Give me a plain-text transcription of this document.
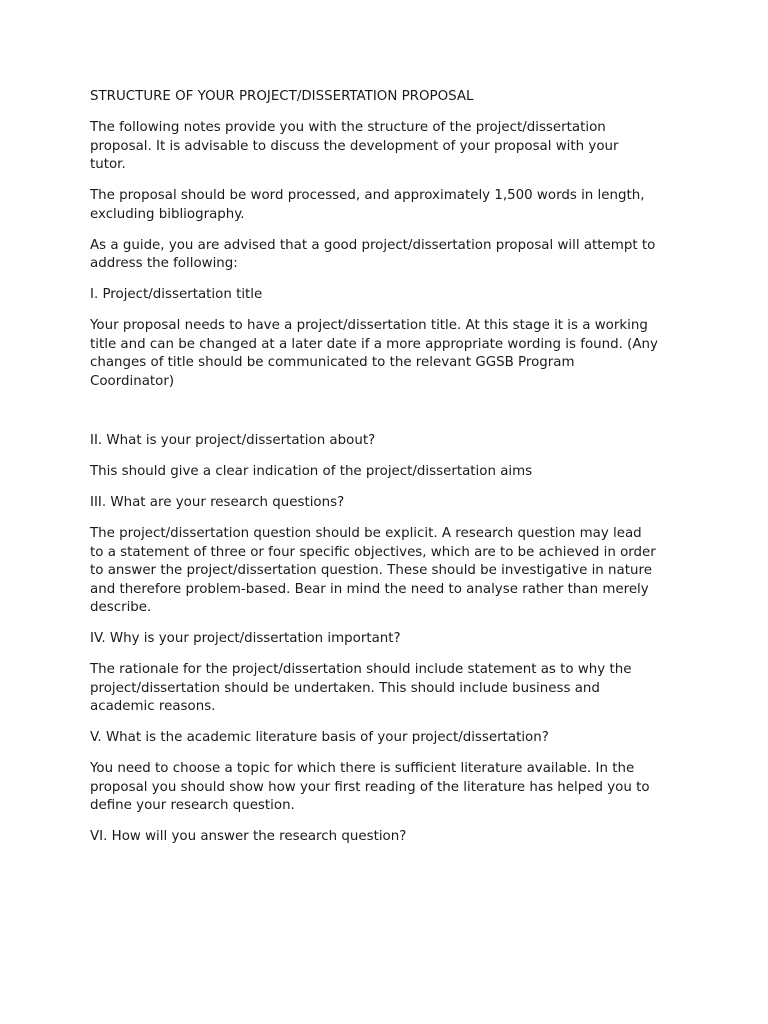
STRUCTURE OF YOUR PROJECT/DISSERTATION PROPOSAL

The following notes provide you with the structure of the project/dissertation
proposal. It is advisable to discuss the development of your proposal with your
tutor.

The proposal should be word processed, and approximately 1,500 words in length,
excluding bibliography.

As a guide, you are advised that a good project/dissertation proposal will attempt to
address the following:

I. Project/dissertation title

Your proposal needs to have a project/dissertation title. At this stage it is a working
title and can be changed at a later date if a more appropriate wording is found. (Any
changes of title should be communicated to the relevant GGSB Program
Coordinator)

II. What is your project/dissertation about?

This should give a clear indication of the project/dissertation aims

III. What are your research questions?

The project/dissertation question should be explicit. A research question may lead
to a statement of three or four specific objectives, which are to be achieved in order
to answer the project/dissertation question. These should be investigative in nature
and therefore problem-based. Bear in mind the need to analyse rather than merely
describe.

IV. Why is your project/dissertation important?

The rationale for the project/dissertation should include statement as to why the
project/dissertation should be undertaken. This should include business and
academic reasons.

V. What is the academic literature basis of your project/dissertation?

You need to choose a topic for which there is sufficient literature available. In the
proposal you should show how your first reading of the literature has helped you to
define your research question.

VI. How will you answer the research question?
